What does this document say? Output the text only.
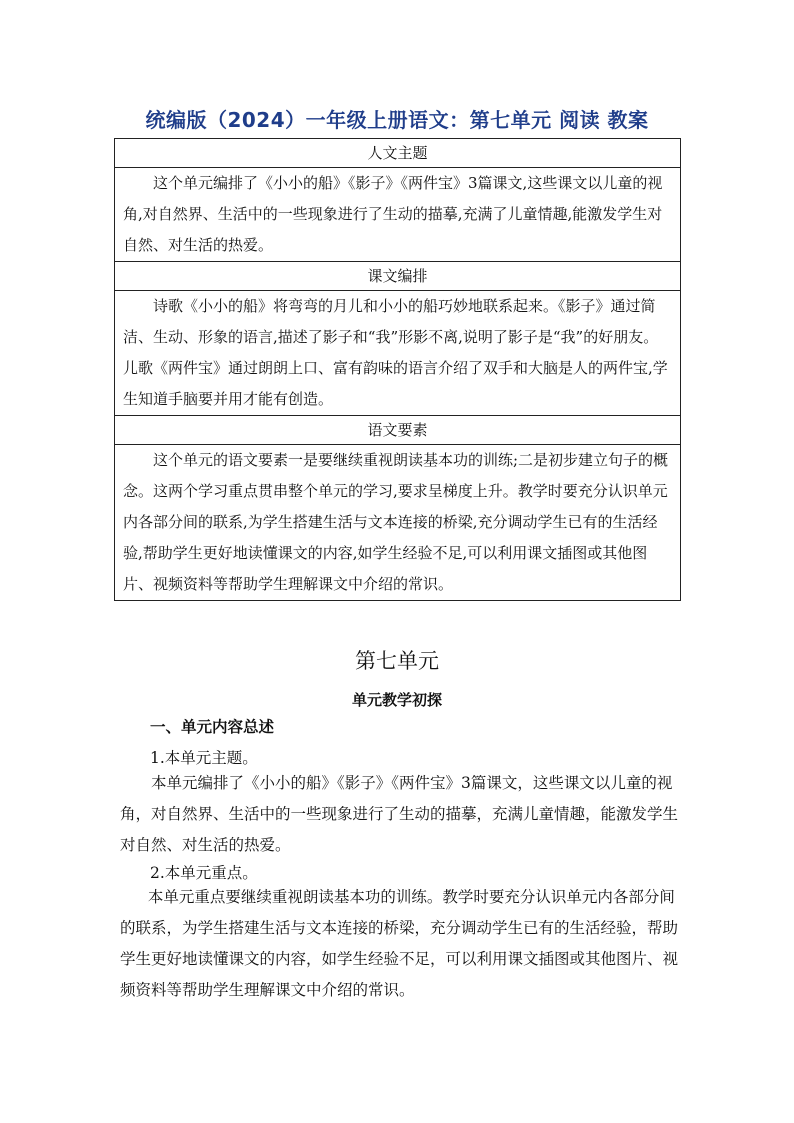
统编版（2024）一年级上册语文：第七单元 阅读 教案
人文主题
这个单元编排了《小小的船》《影子》《两件宝》3篇课文,这些课文以儿童的视角,对自然界、生活中的一些现象进行了生动的描摹,充满了儿童情趣,能激发学生对自然、对生活的热爱。
课文编排
诗歌《小小的船》将弯弯的月儿和小小的船巧妙地联系起来。《影子》通过简洁、生动、形象的语言,描述了影子和“我”形影不离,说明了影子是“我”的好朋友。儿歌《两件宝》通过朗朗上口、富有韵味的语言介绍了双手和大脑是人的两件宝,学生知道手脑要并用才能有创造。
语文要素
这个单元的语文要素一是要继续重视朗读基本功的训练;二是初步建立句子的概念。这两个学习重点贯串整个单元的学习,要求呈梯度上升。教学时要充分认识单元内各部分间的联系,为学生搭建生活与文本连接的桥梁,充分调动学生已有的生活经验,帮助学生更好地读懂课文的内容,如学生经验不足,可以利用课文插图或其他图片、视频资料等帮助学生理解课文中介绍的常识。
第七单元
单元教学初探
一、单元内容总述
1.本单元主题。
本单元编排了《小小的船》《影子》《两件宝》3篇课文，这些课文以儿童的视角，对自然界、生活中的一些现象进行了生动的描摹，充满儿童情趣，能激发学生对自然、对生活的热爱。
2.本单元重点。
本单元重点要继续重视朗读基本功的训练。教学时要充分认识单元内各部分间的联系，为学生搭建生活与文本连接的桥梁，充分调动学生已有的生活经验，帮助学生更好地读懂课文的内容，如学生经验不足，可以利用课文插图或其他图片、视频资料等帮助学生理解课文中介绍的常识。
